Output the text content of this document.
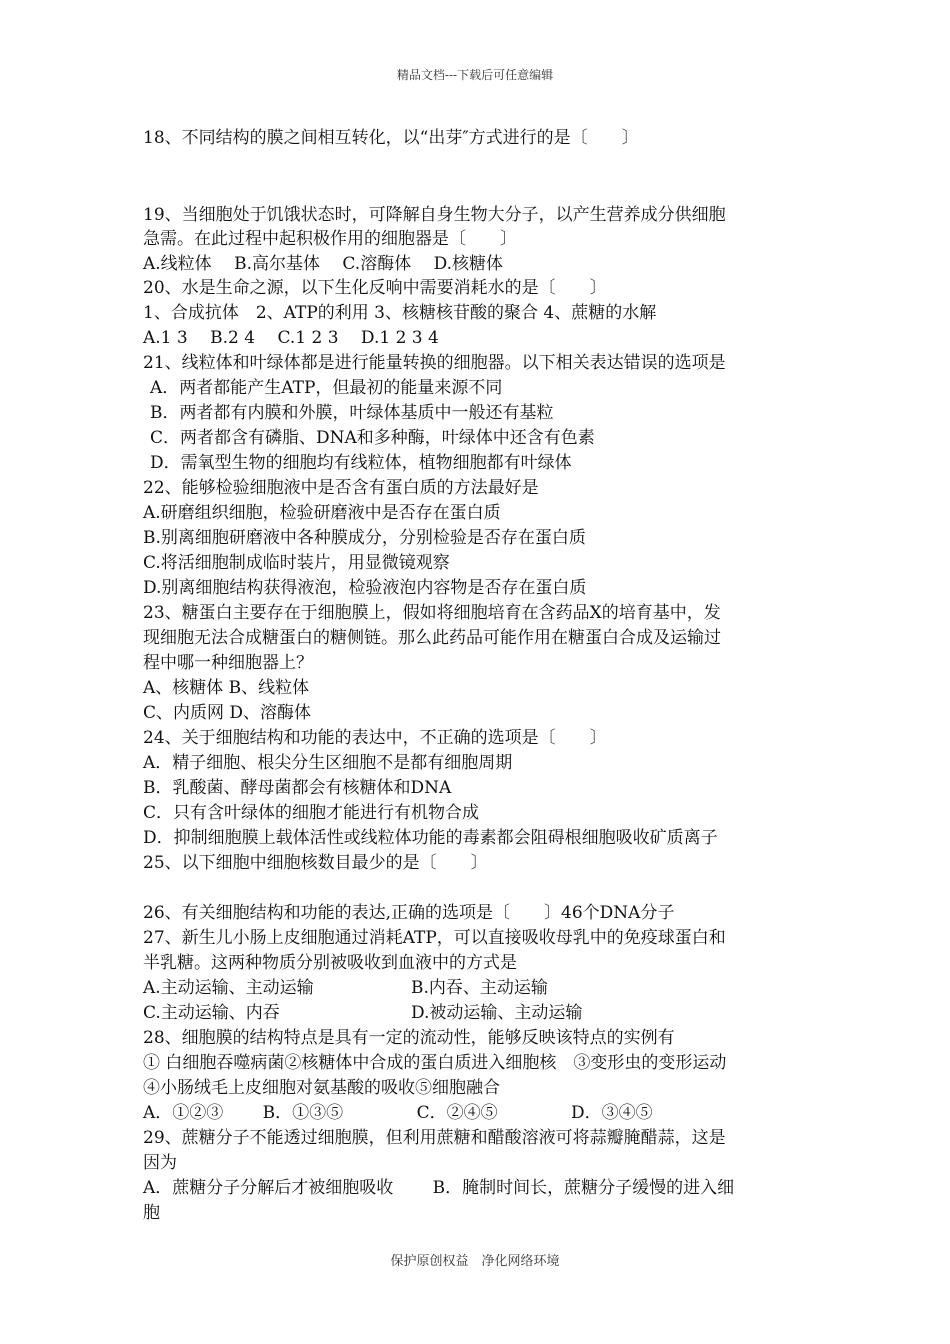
精品文档---下载后可任意编辑
18、不同结构的膜之间相互转化，以“出芽″方式进行的是〔　　〕
19、当细胞处于饥饿状态时，可降解自身生物大分子，以产生营养成分供细胞
急需。在此过程中起积极作用的细胞器是〔　　〕
A.线粒体　 B.高尔基体　 C.溶酶体　 D.核糖体
20、水是生命之源，以下生化反响中需要消耗水的是〔　　〕
1、合成抗体　2、ATP的利用 3、核糖核苷酸的聚合 4、蔗糖的水解
A.1 3　 B.2 4　 C.1 2 3　 D.1 2 3 4
21、线粒体和叶绿体都是进行能量转换的细胞器。以下相关表达错误的选项是
A．两者都能产生ATP，但最初的能量来源不同
B．两者都有内膜和外膜，叶绿体基质中一般还有基粒
C．两者都含有磷脂、DNA和多种酶，叶绿体中还含有色素
D．需氧型生物的细胞均有线粒体，植物细胞都有叶绿体
22、能够检验细胞液中是否含有蛋白质的方法最好是
A.研磨组织细胞，检验研磨液中是否存在蛋白质
B.别离细胞研磨液中各种膜成分，分别检验是否存在蛋白质
C.将活细胞制成临时装片，用显微镜观察
D.别离细胞结构获得液泡，检验液泡内容物是否存在蛋白质
23、糖蛋白主要存在于细胞膜上，假如将细胞培育在含药品X的培育基中，发
现细胞无法合成糖蛋白的糖侧链。那么此药品可能作用在糖蛋白合成及运输过
程中哪一种细胞器上？
A、核糖体 B、线粒体
C、内质网 D、溶酶体
24、关于细胞结构和功能的表达中，不正确的选项是〔　　〕
A．精子细胞、根尖分生区细胞不是都有细胞周期
B．乳酸菌、酵母菌都会有核糖体和DNA
C．只有含叶绿体的细胞才能进行有机物合成
D．抑制细胞膜上载体活性或线粒体功能的毒素都会阻碍根细胞吸收矿质离子
25、以下细胞中细胞核数目最少的是〔　　〕
26、有关细胞结构和功能的表达,正确的选项是〔　　〕46个DNA分子
27、新生儿小肠上皮细胞通过消耗ATP，可以直接吸收母乳中的免疫球蛋白和
半乳糖。这两种物质分别被吸收到血液中的方式是
A.主动运输、主动运输	B.内吞、主动运输
C.主动运输、内吞	D.被动运输、主动运输
28、细胞膜的结构特点是具有一定的流动性，能够反映该特点的实例有
① 白细胞吞噬病菌②核糖体中合成的蛋白质进入细胞核　③变形虫的变形运动
④小肠绒毛上皮细胞对氨基酸的吸收⑤细胞融合
A．①②③　　 B．①③⑤　　　　 C．②④⑤　　　　 D．③④⑤
29、蔗糖分子不能透过细胞膜，但利用蔗糖和醋酸溶液可将蒜瓣腌醋蒜，这是
因为
A．蔗糖分子分解后才被细胞吸收　　 B．腌制时间长，蔗糖分子缓慢的进入细
胞
保护原创权益　净化网络环境
